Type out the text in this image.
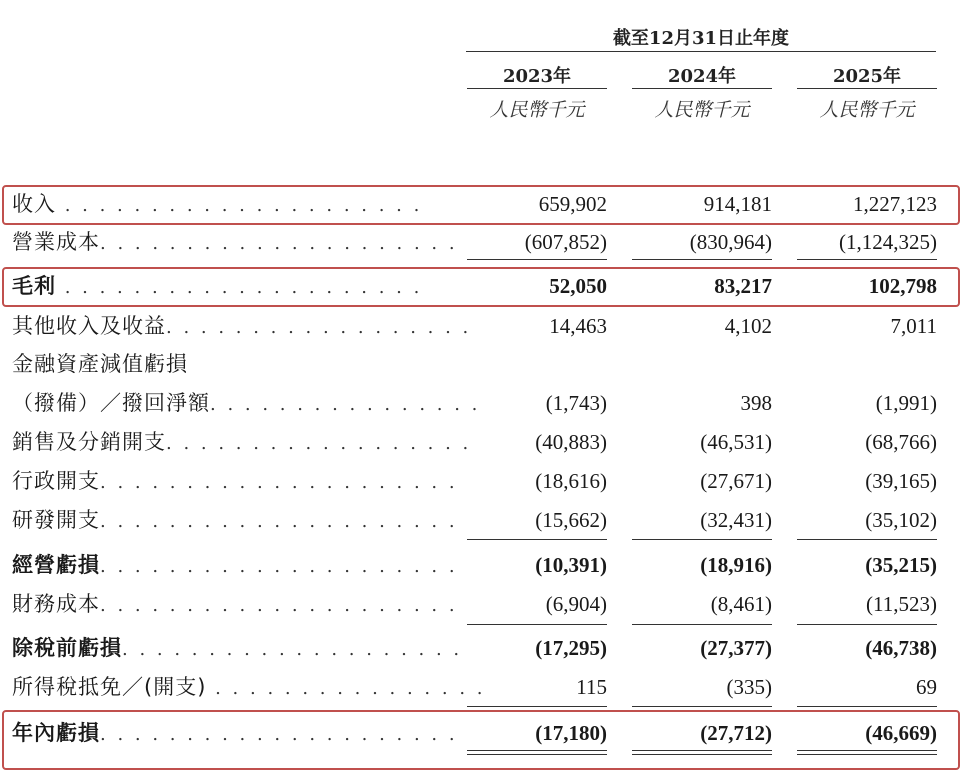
截至12月31日止年度
2023年	2024年	2025年
人民幣千元	人民幣千元	人民幣千元
收入 . . . . . . . . . . . . . . . . . . . . .	659,902	914,181	1,227,123
營業成本. . . . . . . . . . . . . . . . . . . . .	(607,852)	(830,964)	(1,124,325)
毛利 . . . . . . . . . . . . . . . . . . . . .	52,050	83,217	102,798
其他收入及收益. . . . . . . . . . . . . . . . . .	14,463	4,102	7,011
金融資產減值虧損
（撥備）／撥回淨額. . . . . . . . . . . . . . . .	(1,743)	398	(1,991)
銷售及分銷開支. . . . . . . . . . . . . . . . . .	(40,883)	(46,531)	(68,766)
行政開支. . . . . . . . . . . . . . . . . . . . .	(18,616)	(27,671)	(39,165)
研發開支. . . . . . . . . . . . . . . . . . . . .	(15,662)	(32,431)	(35,102)
經營虧損. . . . . . . . . . . . . . . . . . . . .	(10,391)	(18,916)	(35,215)
財務成本. . . . . . . . . . . . . . . . . . . . .	(6,904)	(8,461)	(11,523)
除稅前虧損. . . . . . . . . . . . . . . . . . . .	(17,295)	(27,377)	(46,738)
所得稅抵免／(開支) . . . . . . . . . . . . . . . .	115	(335)	69
年內虧損. . . . . . . . . . . . . . . . . . . . .	(17,180)	(27,712)	(46,669)
